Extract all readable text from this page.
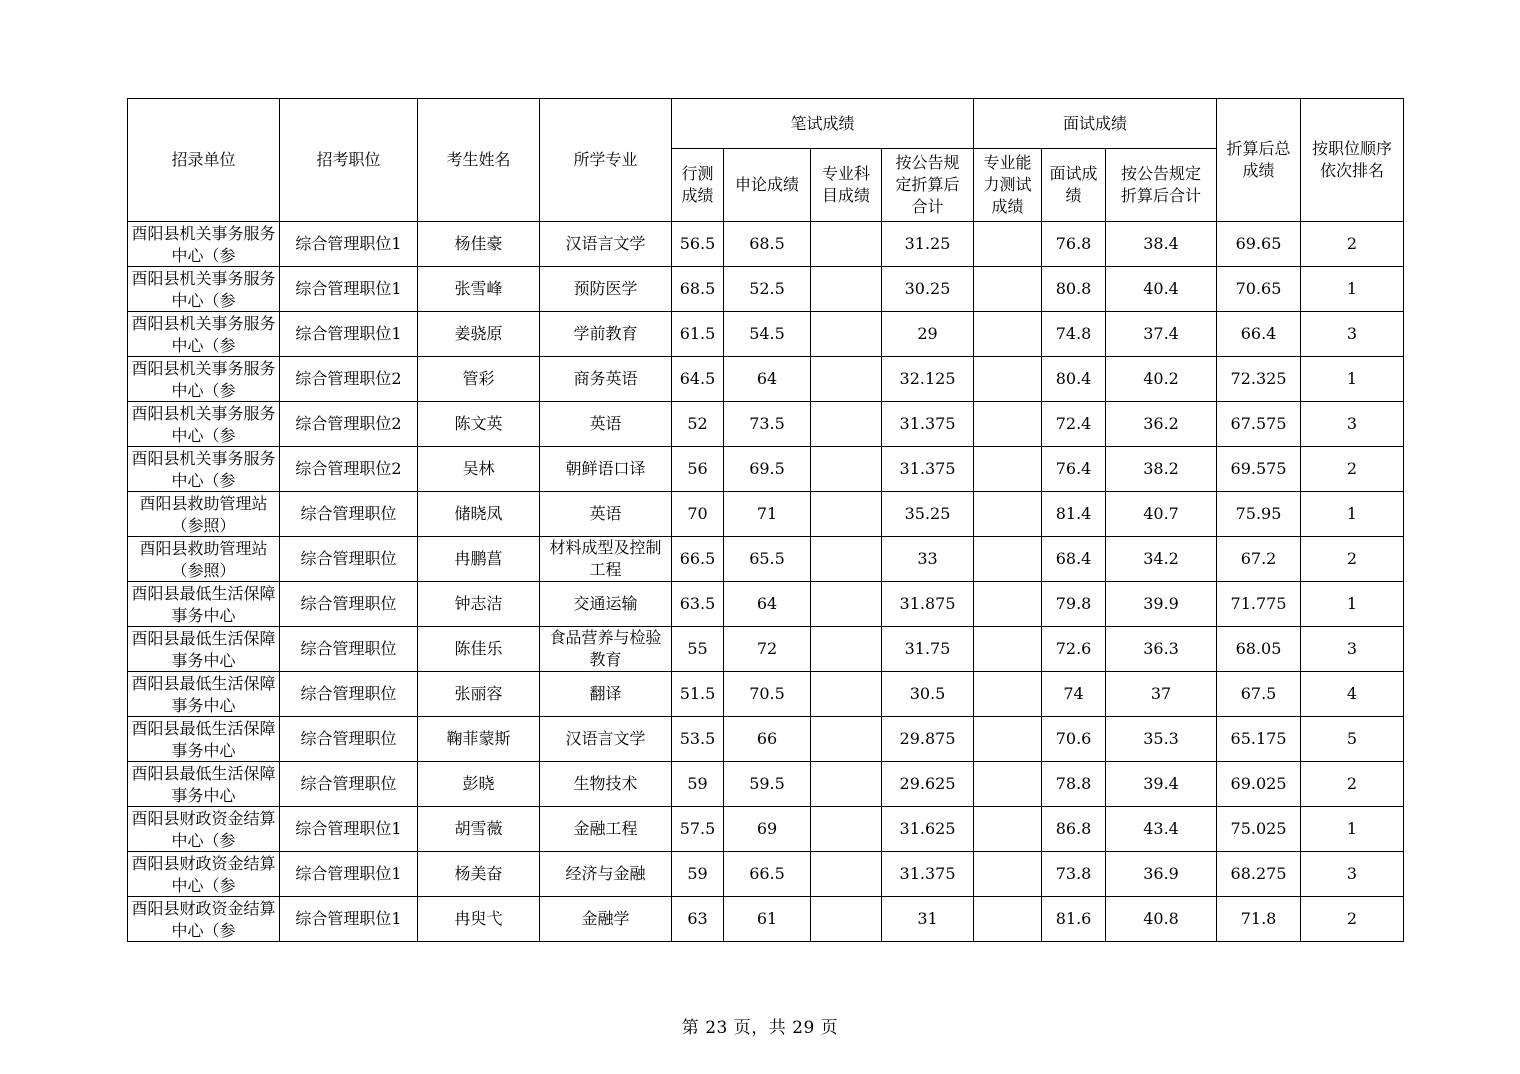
招录单位	招考职位	考生姓名	所学专业	笔试成绩				面试成绩			折算后总成绩	按职位顺序依次排名
				行测成绩	申论成绩	专业科目成绩	按公告规定折算后合计	专业能力测试成绩	面试成绩	按公告规定折算后合计		

酉阳县机关事务服务中心（参	综合管理职位1	杨佳豪	汉语言文学	56.5	68.5		31.25		76.8	38.4	69.65	2

酉阳县机关事务服务中心（参	综合管理职位1	张雪峰	预防医学	68.5	52.5		30.25		80.8	40.4	70.65	1

酉阳县机关事务服务中心（参	综合管理职位1	姜骁原	学前教育	61.5	54.5		29		74.8	37.4	66.4	3

酉阳县机关事务服务中心（参	综合管理职位2	管彩	商务英语	64.5	64		32.125		80.4	40.2	72.325	1

酉阳县机关事务服务中心（参	综合管理职位2	陈文英	英语	52	73.5		31.375		72.4	36.2	67.575	3

酉阳县机关事务服务中心（参	综合管理职位2	吴林	朝鲜语口译	56	69.5		31.375		76.4	38.2	69.575	2

酉阳县救助管理站（参照）	综合管理职位	储晓凤	英语	70	71		35.25		81.4	40.7	75.95	1

酉阳县救助管理站（参照）	综合管理职位	冉鹏菖	材料成型及控制工程	66.5	65.5		33		68.4	34.2	67.2	2

酉阳县最低生活保障事务中心	综合管理职位	钟志洁	交通运输	63.5	64		31.875		79.8	39.9	71.775	1

酉阳县最低生活保障事务中心	综合管理职位	陈佳乐	食品营养与检验教育	55	72		31.75		72.6	36.3	68.05	3

酉阳县最低生活保障事务中心	综合管理职位	张丽容	翻译	51.5	70.5		30.5		74	37	67.5	4

酉阳县最低生活保障事务中心	综合管理职位	鞠菲蒙斯	汉语言文学	53.5	66		29.875		70.6	35.3	65.175	5

酉阳县最低生活保障事务中心	综合管理职位	彭晓	生物技术	59	59.5		29.625		78.8	39.4	69.025	2

酉阳县财政资金结算中心（参	综合管理职位1	胡雪薇	金融工程	57.5	69		31.625		86.8	43.4	75.025	1

酉阳县财政资金结算中心（参	综合管理职位1	杨美奋	经济与金融	59	66.5		31.375		73.8	36.9	68.275	3

酉阳县财政资金结算中心（参	综合管理职位1	冉臾弋	金融学	63	61		31		81.6	40.8	71.8	2
第 23 页，共 29 页
